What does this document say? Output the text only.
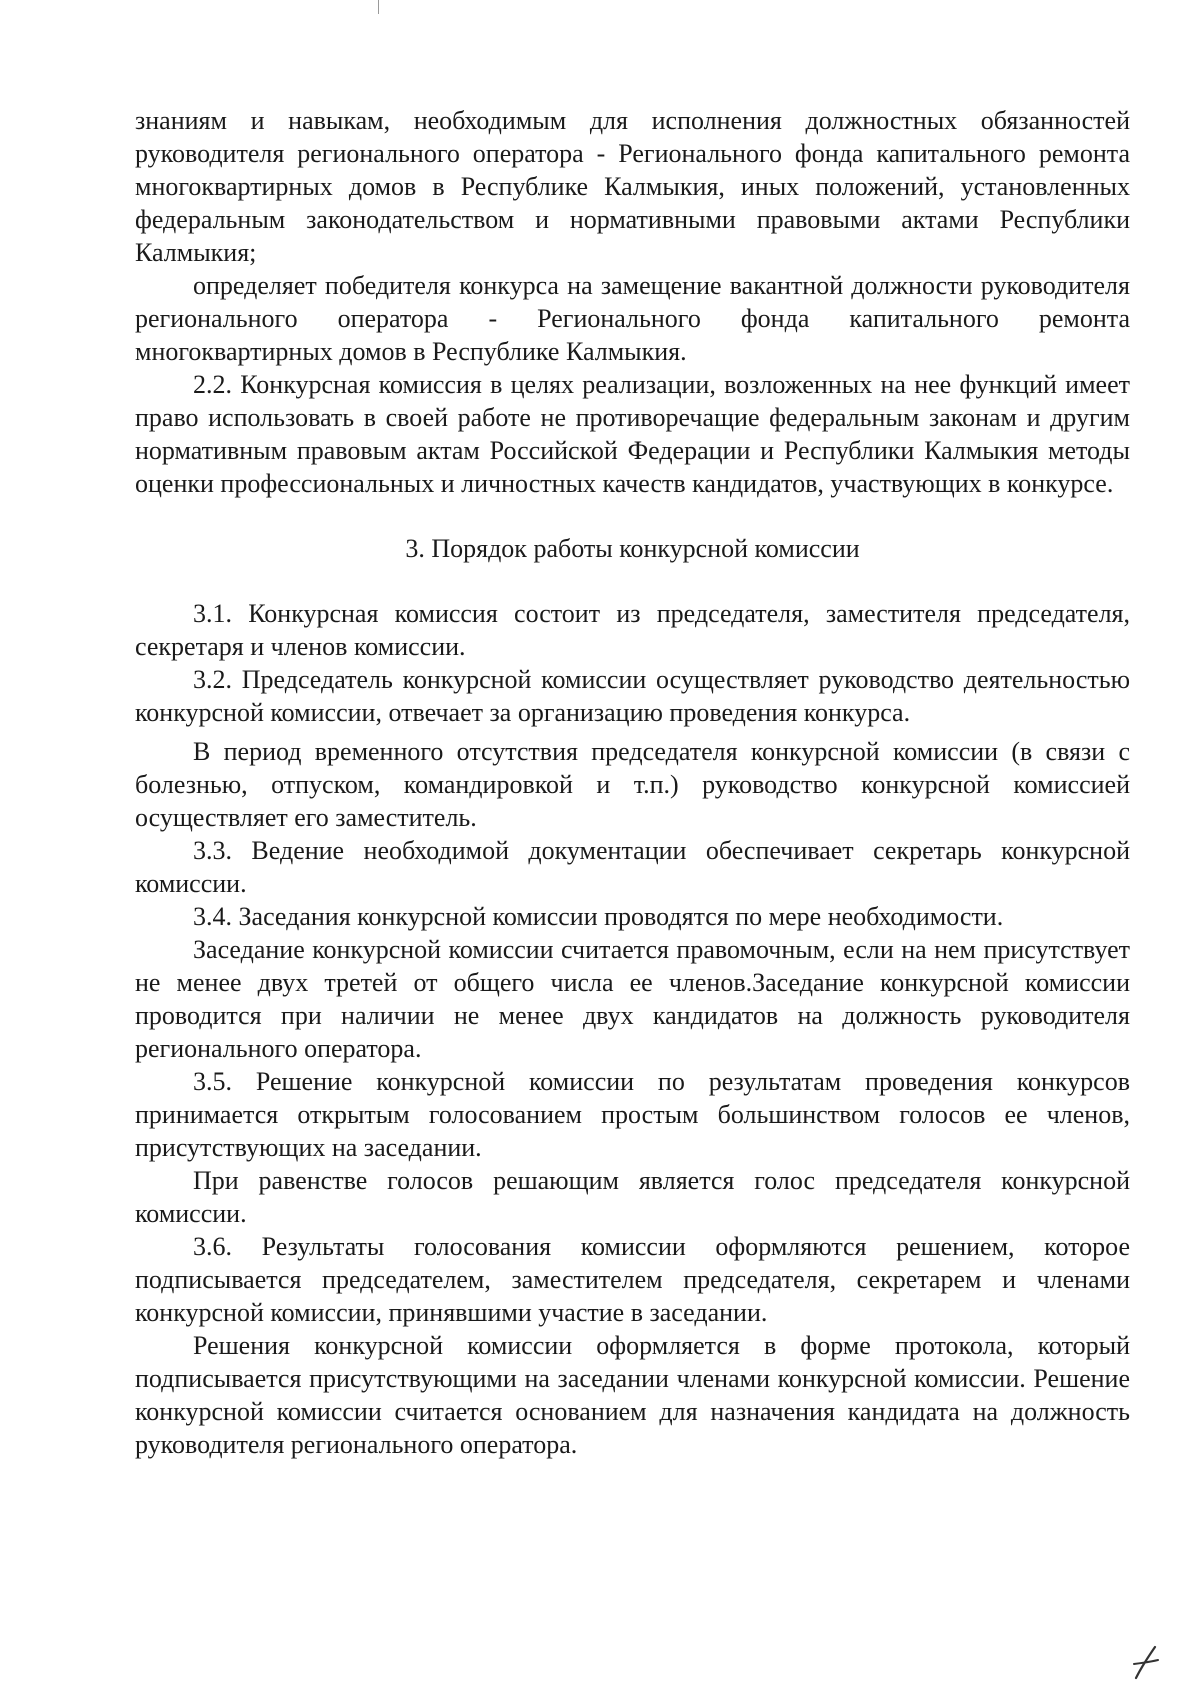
знаниям и навыкам, необходимым для исполнения должностных обязанностей руководителя регионального оператора - Регионального фонда капитального ремонта многоквартирных домов в Республике Калмыкия, иных положений, установленных федеральным законодательством и нормативными правовыми актами Республики Калмыкия;

определяет победителя конкурса на замещение вакантной должности руководителя регионального оператора - Регионального фонда капитального ремонта многоквартирных домов в Республике Калмыкия.

2.2. Конкурсная комиссия в целях реализации, возложенных на нее функций имеет право использовать в своей работе не противоречащие федеральным законам и другим нормативным правовым актам Российской Федерации и Республики Калмыкия методы оценки профессиональных и личностных качеств кандидатов, участвующих в конкурсе.

3. Порядок работы конкурсной комиссии

3.1. Конкурсная комиссия состоит из председателя, заместителя председателя, секретаря и членов комиссии.

3.2. Председатель конкурсной комиссии осуществляет руководство деятельностью конкурсной комиссии, отвечает за организацию проведения конкурса.

В период временного отсутствия председателя конкурсной комиссии (в связи с болезнью, отпуском, командировкой и т.п.) руководство конкурсной комиссией осуществляет его заместитель.

3.3. Ведение необходимой документации обеспечивает секретарь конкурсной комиссии.

3.4. Заседания конкурсной комиссии проводятся по мере необходимости.

Заседание конкурсной комиссии считается правомочным, если на нем присутствует не менее двух третей от общего числа ее членов.Заседание конкурсной комиссии проводится при наличии не менее двух кандидатов на должность руководителя регионального оператора.

3.5. Решение конкурсной комиссии по результатам проведения конкурсов принимается открытым голосованием простым большинством голосов ее членов, присутствующих на заседании.

При равенстве голосов решающим является голос председателя конкурсной комиссии.

3.6. Результаты голосования комиссии оформляются решением, которое подписывается председателем, заместителем председателя, секретарем и членами конкурсной комиссии, принявшими участие в заседании.

Решения конкурсной комиссии оформляется в форме протокола, который подписывается присутствующими на заседании членами конкурсной комиссии. Решение конкурсной комиссии считается основанием для назначения кандидата на должность руководителя регионального оператора.
